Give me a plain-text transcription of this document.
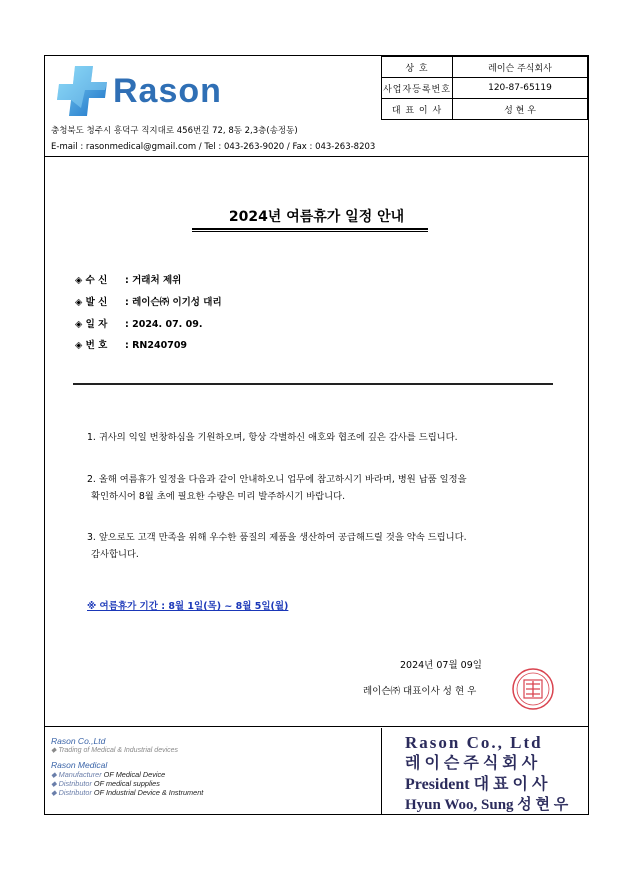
Rason
상 호	레이슨 주식회사
사업자등록번호	120-87-65119
대 표 이 사	성 현 우
충청북도 청주시 흥덕구 직지대로 456번길 72, 8동 2,3층(송정동)
E-mail : rasonmedical@gmail.com / Tel : 043-263-9020 / Fax : 043-263-8203
2024년 여름휴가 일정 안내
◈ 수 신 : 거래처 제위
◈ 발 신 : 레이슨㈜ 이기성 대리
◈ 일 자 : 2024. 07. 09.
◈ 번 호 : RN240709
1. 귀사의 익일 번창하심을 기원하오며, 항상 각별하신 애호와 협조에 깊은 감사를 드립니다.
2. 올해 여름휴가 일정을 다음과 같이 안내하오니 업무에 참고하시기 바라며, 병원 납품 일정을
확인하시어 8월 초에 필요한 수량은 미리 발주하시기 바랍니다.
3. 앞으로도 고객 만족을 위해 우수한 품질의 제품을 생산하여 공급해드릴 것을 약속 드립니다.
감사합니다.
※ 여름휴가 기간 : 8월 1일(목) ~ 8월 5일(월)
2024년 07월 09일
레이슨㈜ 대표이사 성 현 우
Rason Co.,Ltd
◆ Trading of Medical & Industrial devices
Rason Medical
◆ Manufacturer OF Medical Device
◆ Distributor OF medical supplies
◆ Distributor OF Industrial Device & Instrument
Rason Co., Ltd
레 이 슨 주 식 회 사
President 대 표 이 사
Hyun Woo, Sung 성 현 우
